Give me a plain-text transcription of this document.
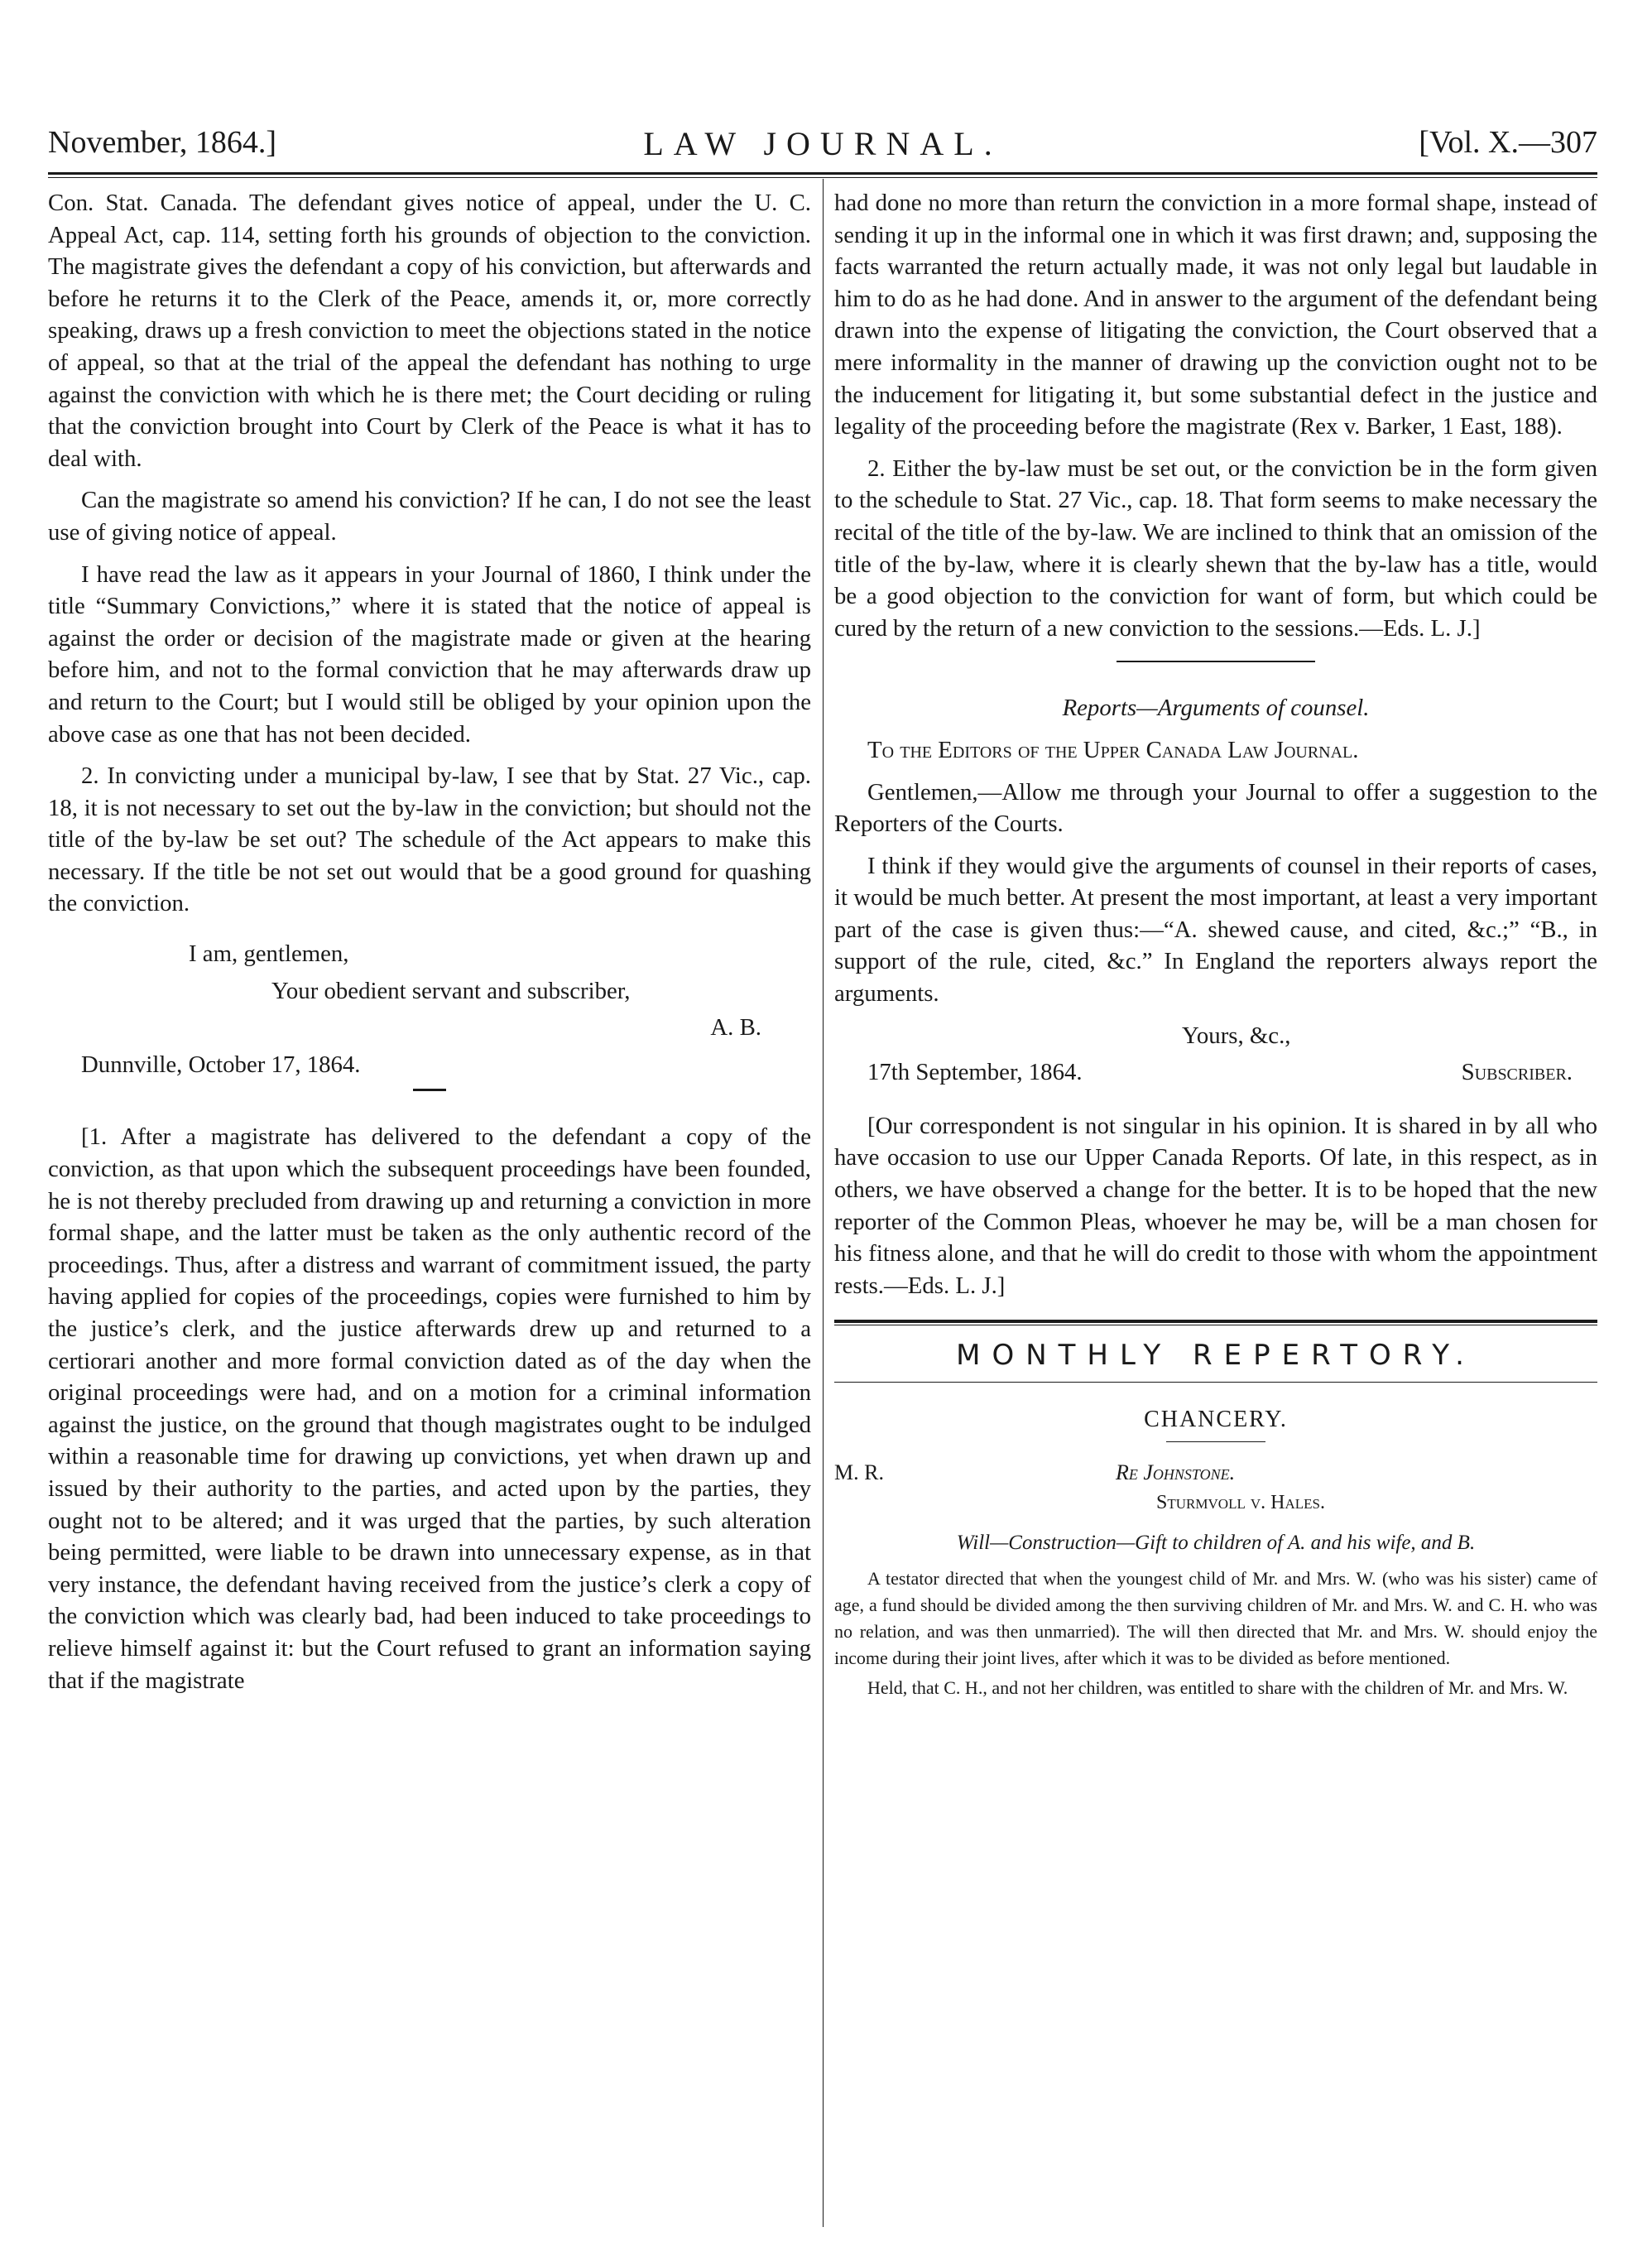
November, 1864.]	LAW JOURNAL.	[Vol. X.—307

Con. Stat. Canada. The defendant gives notice of appeal, under the U. C. Appeal Act, cap. 114, setting forth his grounds of objection to the conviction. The magistrate gives the defendant a copy of his conviction, but afterwards and before he returns it to the Clerk of the Peace, amends it, or, more correctly speaking, draws up a fresh conviction to meet the objections stated in the notice of appeal, so that at the trial of the appeal the defendant has nothing to urge against the conviction with which he is there met; the Court deciding or ruling that the conviction brought into Court by Clerk of the Peace is what it has to deal with.

Can the magistrate so amend his conviction? If he can, I do not see the least use of giving notice of appeal.

I have read the law as it appears in your Journal of 1860, I think under the title “Summary Convictions,” where it is stated that the notice of appeal is against the order or decision of the magistrate made or given at the hearing before him, and not to the formal conviction that he may afterwards draw up and return to the Court; but I would still be obliged by your opinion upon the above case as one that has not been decided.

2. In convicting under a municipal by-law, I see that by Stat. 27 Vic., cap. 18, it is not necessary to set out the by-law in the conviction; but should not the title of the by-law be set out? The schedule of the Act appears to make this necessary. If the title be not set out would that be a good ground for quashing the conviction.

I am, gentlemen,

Your obedient servant and subscriber,

A. B.

Dunnville, October 17, 1864.

[1. After a magistrate has delivered to the defendant a copy of the conviction, as that upon which the subsequent proceedings have been founded, he is not thereby precluded from drawing up and returning a conviction in more formal shape, and the latter must be taken as the only authentic record of the proceedings. Thus, after a distress and warrant of commitment issued, the party having applied for copies of the proceedings, copies were furnished to him by the justice’s clerk, and the justice afterwards drew up and returned to a certiorari another and more formal conviction dated as of the day when the original proceedings were had, and on a motion for a criminal information against the justice, on the ground that though magistrates ought to be indulged within a reasonable time for drawing up convictions, yet when drawn up and issued by their authority to the parties, and acted upon by the parties, they ought not to be altered; and it was urged that the parties, by such alteration being permitted, were liable to be drawn into unnecessary expense, as in that very instance, the defendant having received from the justice’s clerk a copy of the conviction which was clearly bad, had been induced to take proceedings to relieve himself against it: but the Court refused to grant an information saying that if the magistrate

had done no more than return the conviction in a more formal shape, instead of sending it up in the informal one in which it was first drawn; and, supposing the facts warranted the return actually made, it was not only legal but laudable in him to do as he had done. And in answer to the argument of the defendant being drawn into the expense of litigating the conviction, the Court observed that a mere informality in the manner of drawing up the conviction ought not to be the inducement for litigating it, but some substantial defect in the justice and legality of the proceeding before the magistrate (Rex v. Barker, 1 East, 188).

2. Either the by-law must be set out, or the conviction be in the form given to the schedule to Stat. 27 Vic., cap. 18. That form seems to make necessary the recital of the title of the by-law. We are inclined to think that an omission of the title of the by-law, where it is clearly shewn that the by-law has a title, would be a good objection to the conviction for want of form, but which could be cured by the return of a new conviction to the sessions.—Eds. L. J.]

Reports—Arguments of counsel.

To the Editors of the Upper Canada Law Journal.

Gentlemen,—Allow me through your Journal to offer a suggestion to the Reporters of the Courts.

I think if they would give the arguments of counsel in their reports of cases, it would be much better. At present the most important, at least a very important part of the case is given thus:—“A. shewed cause, and cited, &c.;” “B., in support of the rule, cited, &c.” In England the reporters always report the arguments.

Yours, &c.,

17th September, 1864.	Subscriber.

[Our correspondent is not singular in his opinion. It is shared in by all who have occasion to use our Upper Canada Reports. Of late, in this respect, as in others, we have observed a change for the better. It is to be hoped that the new reporter of the Common Pleas, whoever he may be, will be a man chosen for his fitness alone, and that he will do credit to those with whom the appointment rests.—Eds. L. J.]

MONTHLY REPERTORY.
CHANCERY.
M. R.	Re Johnstone.
Sturmvoll v. Hales.
Will—Construction—Gift to children of A. and his wife, and B.

A testator directed that when the youngest child of Mr. and Mrs. W. (who was his sister) came of age, a fund should be divided among the then surviving children of Mr. and Mrs. W. and C. H. who was no relation, and was then unmarried). The will then directed that Mr. and Mrs. W. should enjoy the income during their joint lives, after which it was to be divided as before mentioned.

Held, that C. H., and not her children, was entitled to share with the children of Mr. and Mrs. W.
